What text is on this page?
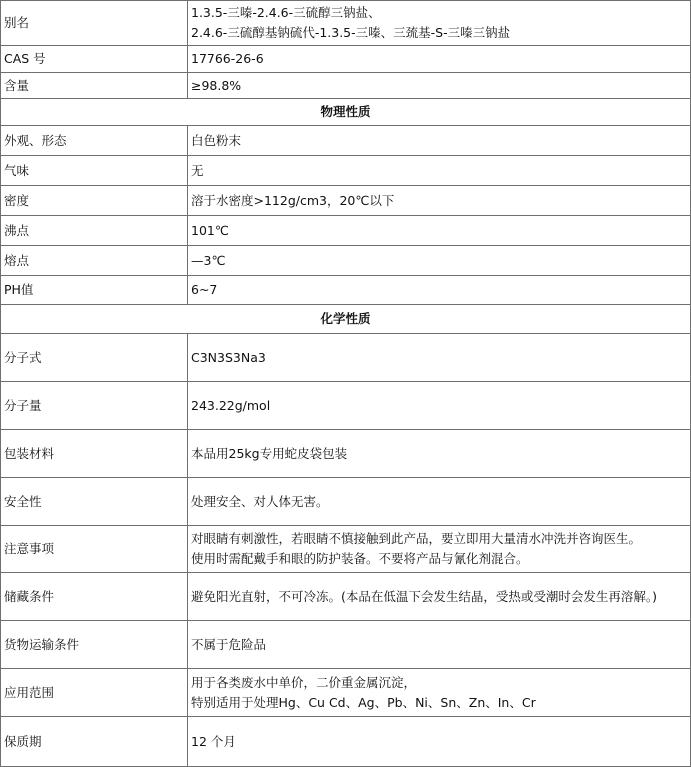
别名	1.3.5-三嗪-2.4.6-三硫醇三钠盐、
2.4.6-三硫醇基钠硫代-1.3.5-三嗪、三巯基-S-三嗪三钠盐

CAS 号	17766-26-6

含量	≥98.8%

物理性质	
外观、形态	白色粉末

气味	无

密度	溶于水密度>112g/cm3，20℃以下

沸点	101℃

熔点	—3℃

PH值	6~7

化学性质	
分子式	C3N3S3Na3

分子量	243.22g/mol

包装材料	本品用25kg专用蛇皮袋包装

安全性	处理安全、对人体无害。

注意事项	对眼睛有刺激性，若眼睛不慎接触到此产品，要立即用大量清水冲洗并咨询医生。
使用时需配戴手和眼的防护装备。不要将产品与氰化剂混合。

储藏条件	避免阳光直射，不可冷冻。(本品在低温下会发生结晶，受热或受潮时会发生再溶解。)

货物运输条件	不属于危险品

应用范围	用于各类废水中单价，二价重金属沉淀，
特别适用于处理Hg、Cu Cd、Ag、Pb、Ni、Sn、Zn、In、Cr

保质期	12 个月
